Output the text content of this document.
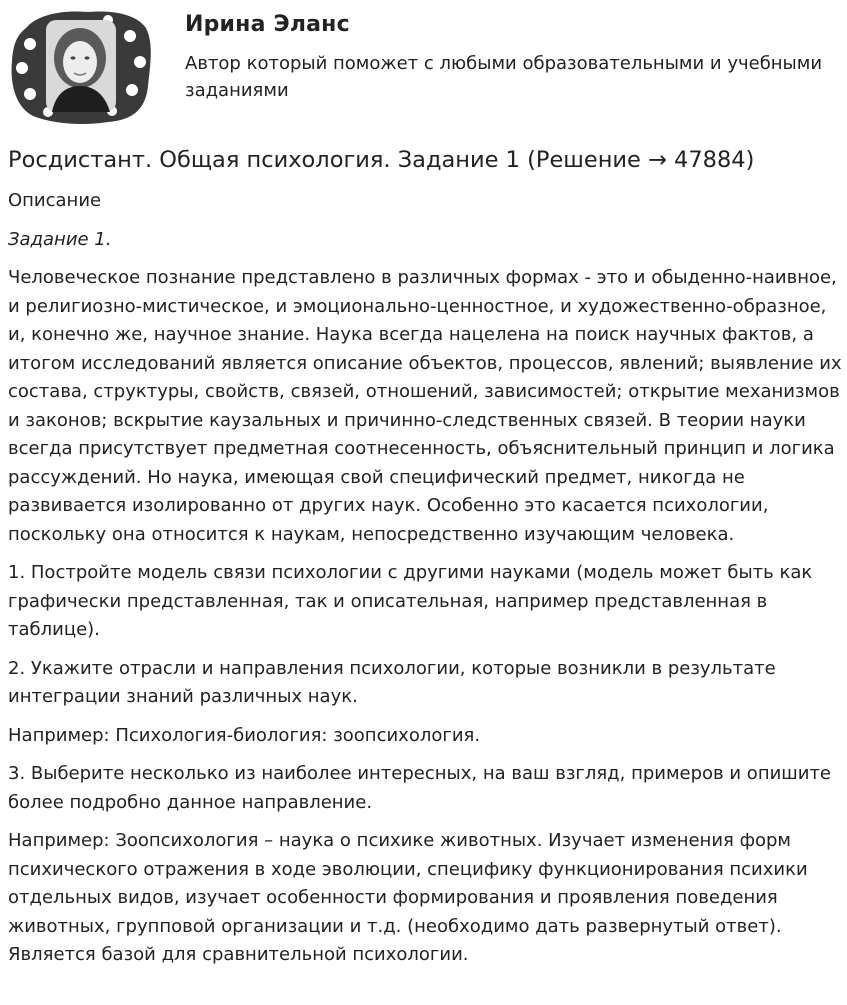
Ирина Эланс
Автор который поможет с любыми образовательными и учебными заданиями
Росдистант. Общая психология. Задание 1 (Решение → 47884)

Описание

Задание 1.

Человеческое познание представлено в различных формах - это и обыденно-наивное, и религиозно-мистическое, и эмоционально-ценностное, и художественно-образное, и, конечно же, научное знание. Наука всегда нацелена на поиск научных фактов, а итогом исследований является описание объектов, процессов, явлений; выявление их состава, структуры, свойств, связей, отношений, зависимостей; открытие механизмов и законов; вскрытие каузальных и причинно-следственных связей. В теории науки всегда присутствует предметная соотнесенность, объяснительный принцип и логика рассуждений. Но наука, имеющая свой специфический предмет, никогда не развивается изолированно от других наук. Особенно это касается психологии, поскольку она относится к наукам, непосредственно изучающим человека.

1. Постройте модель связи психологии с другими науками (модель может быть как графически представленная, так и описательная, например представленная в таблице).

2. Укажите отрасли и направления психологии, которые возникли в результате интеграции знаний различных наук.

Например: Психология-биология: зоопсихология.

3. Выберите несколько из наиболее интересных, на ваш взгляд, примеров и опишите более подробно данное направление.

Например: Зоопсихология – наука о психике животных. Изучает изменения форм психического отражения в ходе эволюции, специфику функционирования психики отдельных видов, изучает особенности формирования и проявления поведения животных, групповой организации и т.д. (необходимо дать развернутый ответ). Является базой для сравнительной психологии.
